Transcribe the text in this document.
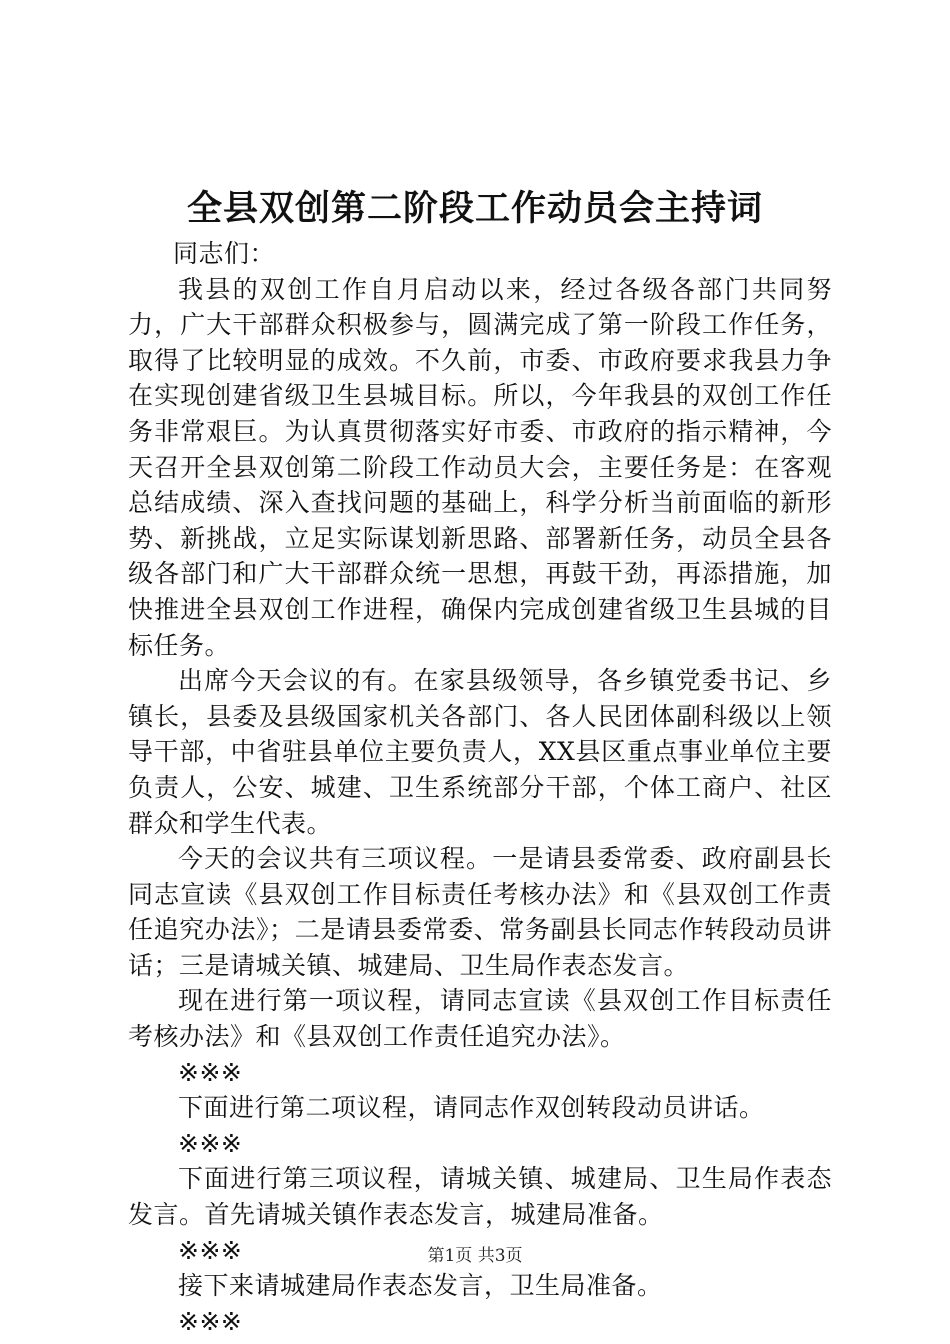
全县双创第二阶段工作动员会主持词

同志们：

我县的双创工作自月启动以来，经过各级各部门共同努力，广大干部群众积极参与，圆满完成了第一阶段工作任务，取得了比较明显的成效。不久前，市委、市政府要求我县力争在实现创建省级卫生县城目标。所以，今年我县的双创工作任务非常艰巨。为认真贯彻落实好市委、市政府的指示精神，今天召开全县双创第二阶段工作动员大会，主要任务是：在客观总结成绩、深入查找问题的基础上，科学分析当前面临的新形势、新挑战，立足实际谋划新思路、部署新任务，动员全县各级各部门和广大干部群众统一思想，再鼓干劲，再添措施，加快推进全县双创工作进程，确保内完成创建省级卫生县城的目标任务。

出席今天会议的有。在家县级领导，各乡镇党委书记、乡镇长，县委及县级国家机关各部门、各人民团体副科级以上领导干部，中省驻县单位主要负责人，XX县区重点事业单位主要负责人，公安、城建、卫生系统部分干部，个体工商户、社区群众和学生代表。

今天的会议共有三项议程。一是请县委常委、政府副县长同志宣读《县双创工作目标责任考核办法》和《县双创工作责任追究办法》；二是请县委常委、常务副县长同志作转段动员讲话；三是请城关镇、城建局、卫生局作表态发言。

现在进行第一项议程，请同志宣读《县双创工作目标责任考核办法》和《县双创工作责任追究办法》。

※※※

下面进行第二项议程，请同志作双创转段动员讲话。

※※※

下面进行第三项议程，请城关镇、城建局、卫生局作表态发言。首先请城关镇作表态发言，城建局准备。

※※※

接下来请城建局作表态发言，卫生局准备。

※※※

第1页 共3页
